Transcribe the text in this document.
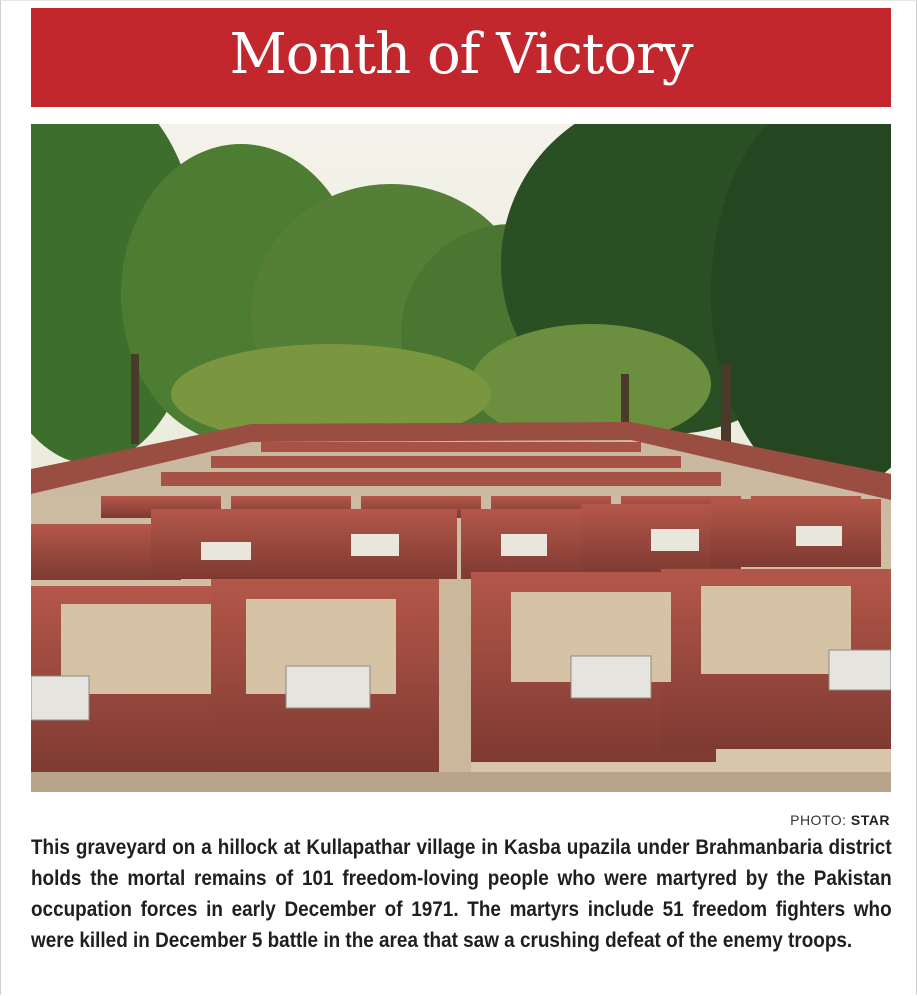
Month of Victory
PHOTO: STAR
This graveyard on a hillock at Kullapathar village in Kasba upazila under Brahmanbaria district holds the mortal remains of 101 freedom-loving people who were martyred by the Pakistan occupation forces in early December of 1971. The martyrs include 51 freedom fighters who were killed in December 5 battle in the area that saw a crushing defeat of the enemy troops.
